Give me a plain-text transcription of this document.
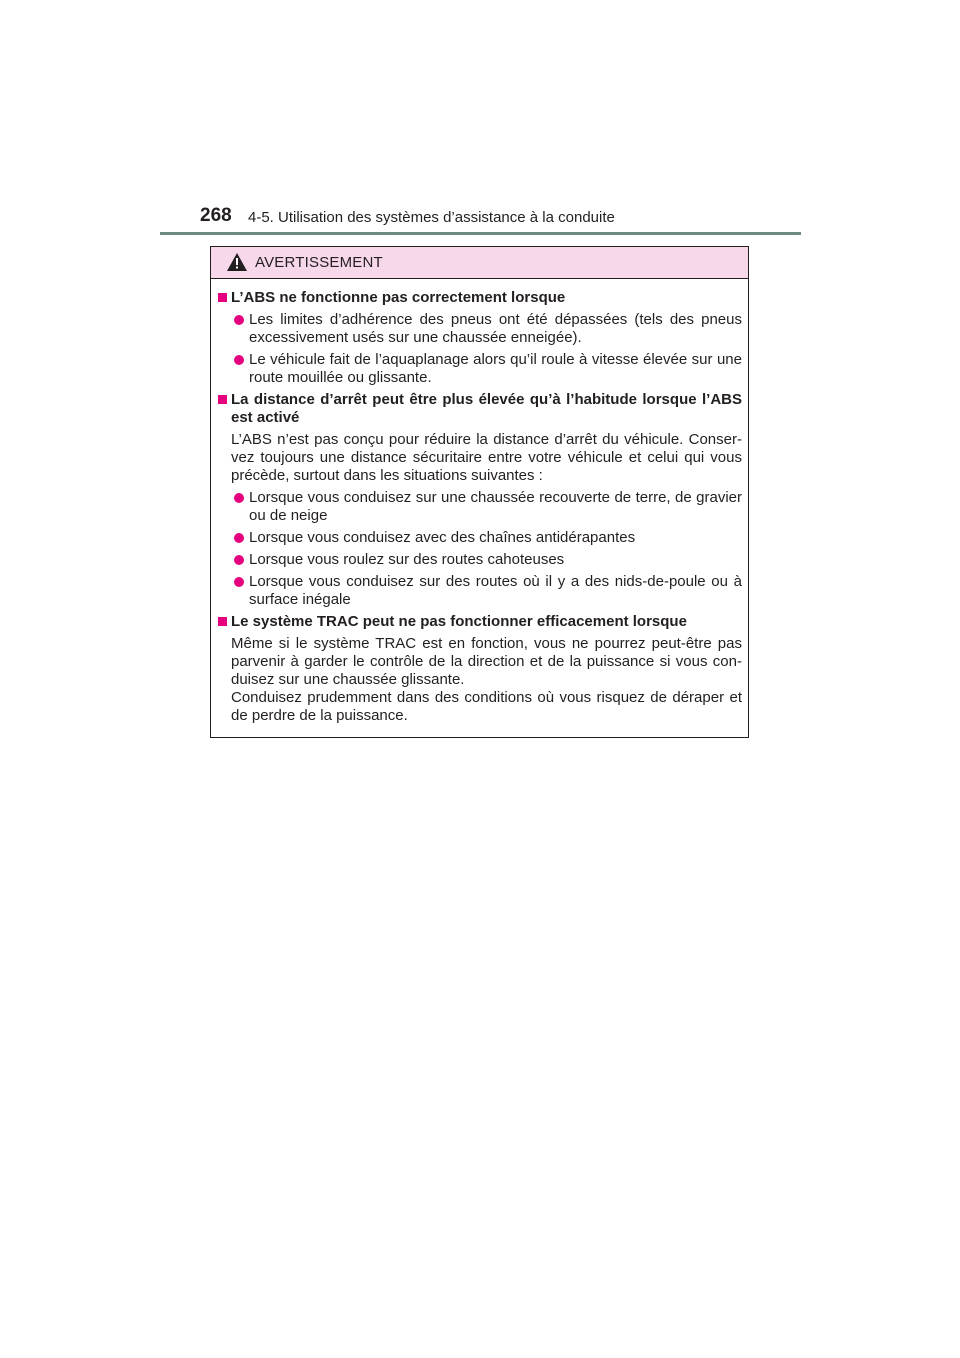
268 4-5. Utilisation des systèmes d’assistance à la conduite
AVERTISSEMENT
L’ABS ne fonctionne pas correctement lorsque
Les limites d’adhérence des pneus ont été dépassées (tels des pneus excessivement usés sur une chaussée enneigée).
Le véhicule fait de l’aquaplanage alors qu’il roule à vitesse élevée sur une route mouillée ou glissante.
La distance d’arrêt peut être plus élevée qu’à l’habitude lorsque l’ABS est activé
L’ABS n’est pas conçu pour réduire la distance d’arrêt du véhicule. Conser- vez toujours une distance sécuritaire entre votre véhicule et celui qui vous précède, surtout dans les situations suivantes :
Lorsque vous conduisez sur une chaussée recouverte de terre, de gravier ou de neige
Lorsque vous conduisez avec des chaînes antidérapantes
Lorsque vous roulez sur des routes cahoteuses
Lorsque vous conduisez sur des routes où il y a des nids-de-poule ou à surface inégale
Le système TRAC peut ne pas fonctionner efficacement lorsque
Même si le système TRAC est en fonction, vous ne pourrez peut-être pas parvenir à garder le contrôle de la direction et de la puissance si vous con- duisez sur une chaussée glissante.
Conduisez prudemment dans des conditions où vous risquez de déraper et de perdre de la puissance.
